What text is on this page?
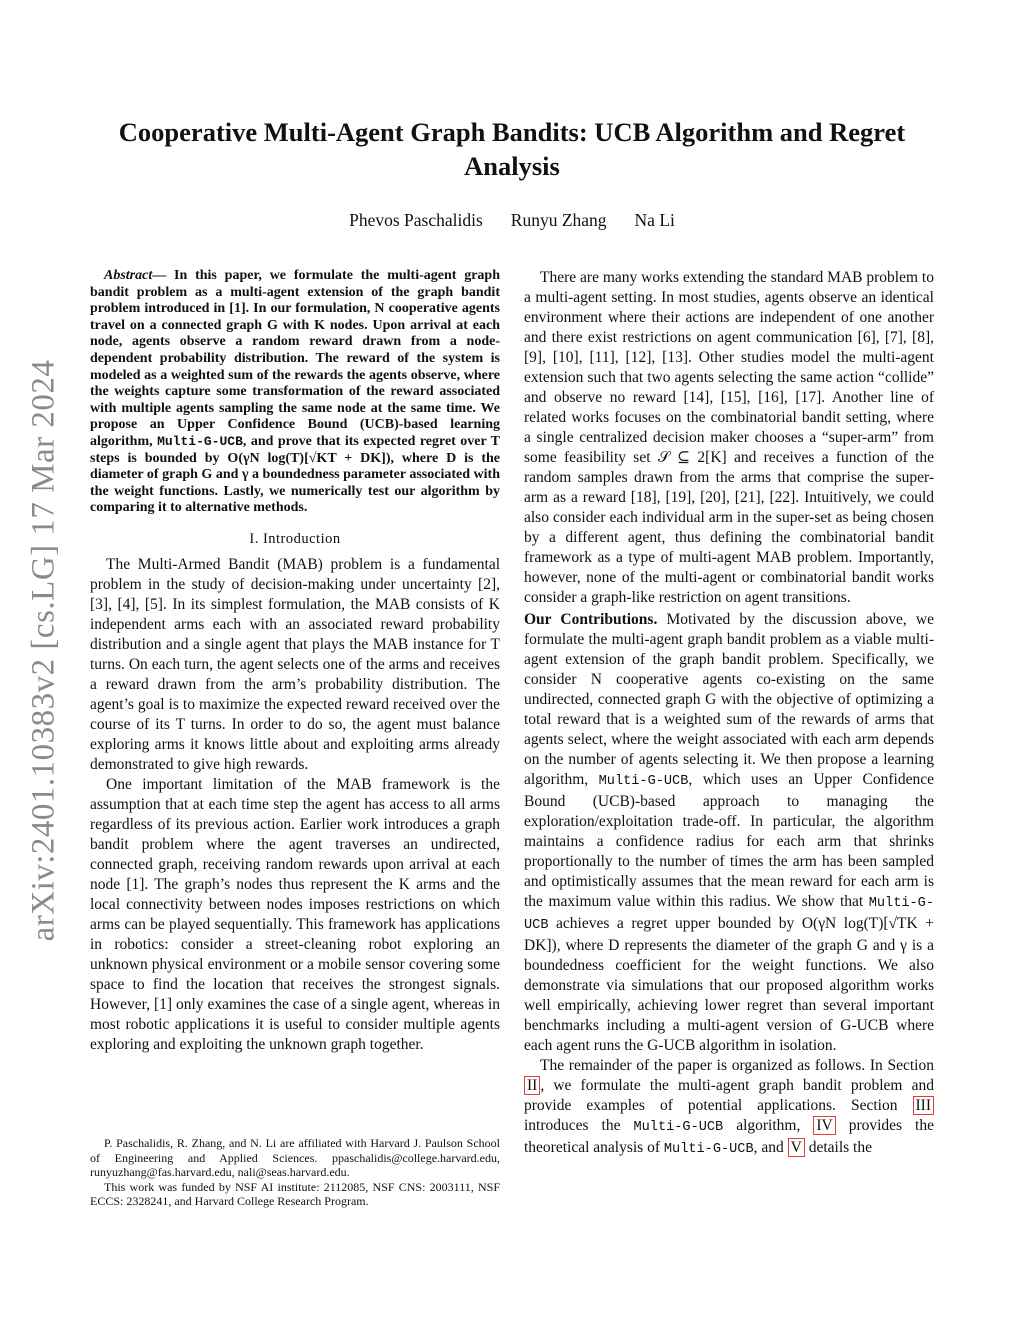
Cooperative Multi-Agent Graph Bandits: UCB Algorithm and Regret Analysis
Phevos Paschalidis Runyu Zhang Na Li
arXiv:2401.10383v2 [cs.LG] 17 Mar 2024

Abstract— In this paper, we formulate the multi-agent graph bandit problem as a multi-agent extension of the graph bandit problem introduced in [1]. In our formulation, N cooperative agents travel on a connected graph G with K nodes. Upon arrival at each node, agents observe a random reward drawn from a node-dependent probability distribution. The reward of the system is modeled as a weighted sum of the rewards the agents observe, where the weights capture some transformation of the reward associated with multiple agents sampling the same node at the same time. We propose an Upper Confidence Bound (UCB)-based learning algorithm, Multi-G-UCB, and prove that its expected regret over T steps is bounded by O(γN log(T)[√KT + DK]), where D is the diameter of graph G and γ a boundedness parameter associated with the weight functions. Lastly, we numerically test our algorithm by comparing it to alternative methods.

I. Introduction

The Multi-Armed Bandit (MAB) problem is a fundamental problem in the study of decision-making under uncertainty [2], [3], [4], [5]. In its simplest formulation, the MAB consists of K independent arms each with an associated reward probability distribution and a single agent that plays the MAB instance for T turns. On each turn, the agent selects one of the arms and receives a reward drawn from the arm’s probability distribution. The agent’s goal is to maximize the expected reward received over the course of its T turns. In order to do so, the agent must balance exploring arms it knows little about and exploiting arms already demonstrated to give high rewards.

One important limitation of the MAB framework is the assumption that at each time step the agent has access to all arms regardless of its previous action. Earlier work introduces a graph bandit problem where the agent traverses an undirected, connected graph, receiving random rewards upon arrival at each node [1]. The graph’s nodes thus represent the K arms and the local connectivity between nodes imposes restrictions on which arms can be played sequentially. This framework has applications in robotics: consider a street-cleaning robot exploring an unknown physical environment or a mobile sensor covering some space to find the location that receives the strongest signals. However, [1] only examines the case of a single agent, whereas in most robotic applications it is useful to consider multiple agents exploring and exploiting the unknown graph together.

P. Paschalidis, R. Zhang, and N. Li are affiliated with Harvard J. Paulson School of Engineering and Applied Sciences. ppaschalidis@college.harvard.edu, runyuzhang@fas.harvard.edu, nali@seas.harvard.edu.

This work was funded by NSF AI institute: 2112085, NSF CNS: 2003111, NSF ECCS: 2328241, and Harvard College Research Program.

There are many works extending the standard MAB problem to a multi-agent setting. In most studies, agents observe an identical environment where their actions are independent of one another and there exist restrictions on agent communication [6], [7], [8], [9], [10], [11], [12], [13]. Other studies model the multi-agent extension such that two agents selecting the same action “collide” and observe no reward [14], [15], [16], [17]. Another line of related works focuses on the combinatorial bandit setting, where a single centralized decision maker chooses a “super-arm” from some feasibility set 𝒮 ⊆ 2[K] and receives a function of the random samples drawn from the arms that comprise the super-arm as a reward [18], [19], [20], [21], [22]. Intuitively, we could also consider each individual arm in the super-set as being chosen by a different agent, thus defining the combinatorial bandit framework as a type of multi-agent MAB problem. Importantly, however, none of the multi-agent or combinatorial bandit works consider a graph-like restriction on agent transitions.

Our Contributions. Motivated by the discussion above, we formulate the multi-agent graph bandit problem as a viable multi-agent extension of the graph bandit problem. Specifically, we consider N cooperative agents co-existing on the same undirected, connected graph G with the objective of optimizing a total reward that is a weighted sum of the rewards of arms that agents select, where the weight associated with each arm depends on the number of agents selecting it. We then propose a learning algorithm, Multi-G-UCB, which uses an Upper Confidence Bound (UCB)-based approach to managing the exploration/exploitation trade-off. In particular, the algorithm maintains a confidence radius for each arm that shrinks proportionally to the number of times the arm has been sampled and optimistically assumes that the mean reward for each arm is the maximum value within this radius. We show that Multi-G-UCB achieves a regret upper bounded by O(γN log(T)[√TK + DK]), where D represents the diameter of the graph G and γ is a boundedness coefficient for the weight functions. We also demonstrate via simulations that our proposed algorithm works well empirically, achieving lower regret than several important benchmarks including a multi-agent version of G-UCB where each agent runs the G-UCB algorithm in isolation.

The remainder of the paper is organized as follows. In Section II , we formulate the multi-agent graph bandit problem and provide examples of potential applications. Section III introduces the Multi-G-UCB algorithm, IV provides the theoretical analysis of Multi-G-UCB, and V details the
